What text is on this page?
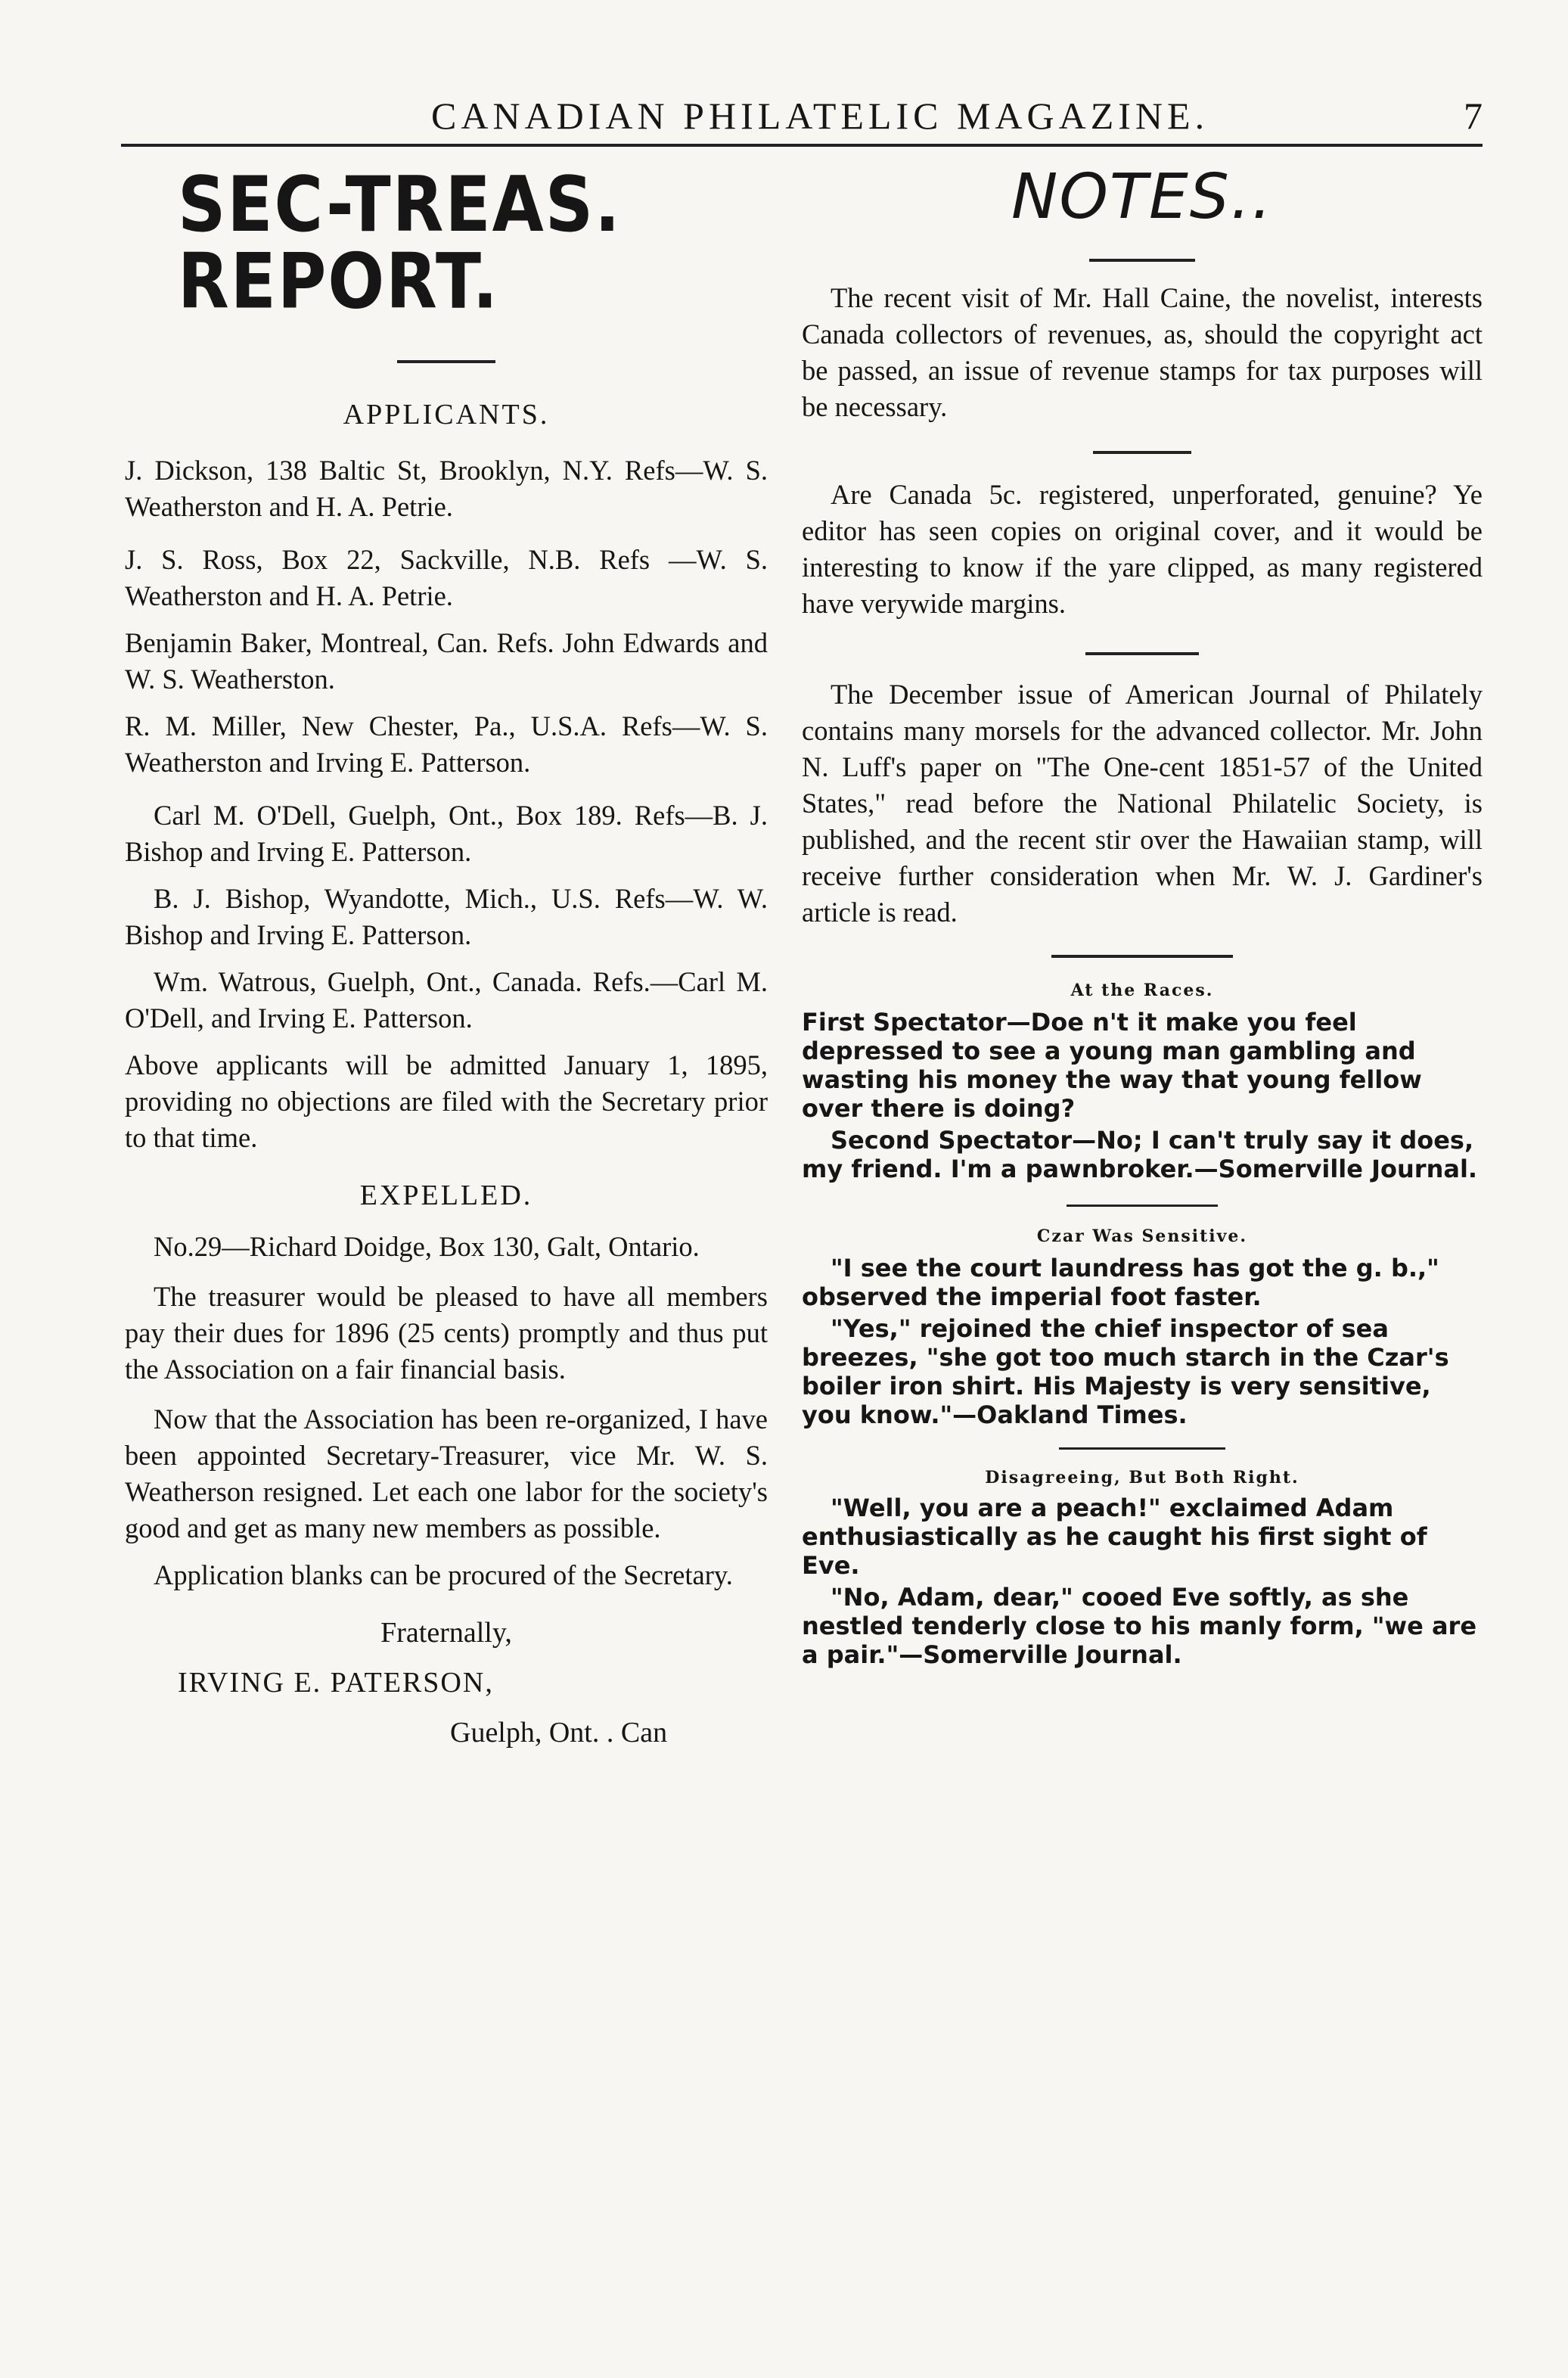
CANADIAN PHILATELIC MAGAZINE.	7
SEC-TREAS. REPORT.
APPLICANTS.

J. Dickson, 138 Baltic St, Brooklyn, N.Y. Refs—W. S. Weatherston and H. A. Petrie.

J. S. Ross, Box 22, Sackville, N.B. Refs —W. S. Weatherston and H. A. Petrie.

Benjamin Baker, Montreal, Can. Refs. John Edwards and W. S. Weatherston.

R. M. Miller, New Chester, Pa., U.S.A. Refs—W. S. Weatherston and Irving E. Patterson.

Carl M. O'Dell, Guelph, Ont., Box 189. Refs—B. J. Bishop and Irving E. Patterson.

B. J. Bishop, Wyandotte, Mich., U.S. Refs—W. W. Bishop and Irving E. Patterson.

Wm. Watrous, Guelph, Ont., Canada. Refs.—Carl M. O'Dell, and Irving E. Patterson.

Above applicants will be admitted January 1, 1895, providing no objections are filed with the Secretary prior to that time.

EXPELLED.

No.29—Richard Doidge, Box 130, Galt, Ontario.

The treasurer would be pleased to have all members pay their dues for 1896 (25 cents) promptly and thus put the Association on a fair financial basis.

Now that the Association has been re-organized, I have been appointed Secretary-Treasurer, vice Mr. W. S. Weatherson resigned. Let each one labor for the society's good and get as many new members as possible.

Application blanks can be procured of the Secretary.

Fraternally,
IRVING E. PATERSON,
Guelph, Ont. . Can
NOTES..

The recent visit of Mr. Hall Caine, the novelist, interests Canada collectors of revenues, as, should the copyright act be passed, an issue of revenue stamps for tax purposes will be necessary.

Are Canada 5c. registered, unperforated, genuine? Ye editor has seen copies on original cover, and it would be interesting to know if the yare clipped, as many registered have verywide margins.

The December issue of American Journal of Philately contains many morsels for the advanced collector. Mr. John N. Luff's paper on "The One-cent 1851-57 of the United States," read before the National Philatelic Society, is published, and the recent stir over the Hawaiian stamp, will receive further consideration when Mr. W. J. Gardiner's article is read.

At the Races.

First Spectator—Doe n't it make you feel depressed to see a young man gambling and wasting his money the way that young fellow over there is doing?

Second Spectator—No; I can't truly say it does, my friend. I'm a pawnbroker.—Somerville Journal.

Czar Was Sensitive.

"I see the court laundress has got the g. b.," observed the imperial foot faster.

"Yes," rejoined the chief inspector of sea breezes, "she got too much starch in the Czar's boiler iron shirt. His Majesty is very sensitive, you know."—Oakland Times.

Disagreeing, But Both Right.

"Well, you are a peach!" exclaimed Adam enthusiastically as he caught his first sight of Eve.

"No, Adam, dear," cooed Eve softly, as she nestled tenderly close to his manly form, "we are a pair."—Somerville Journal.
